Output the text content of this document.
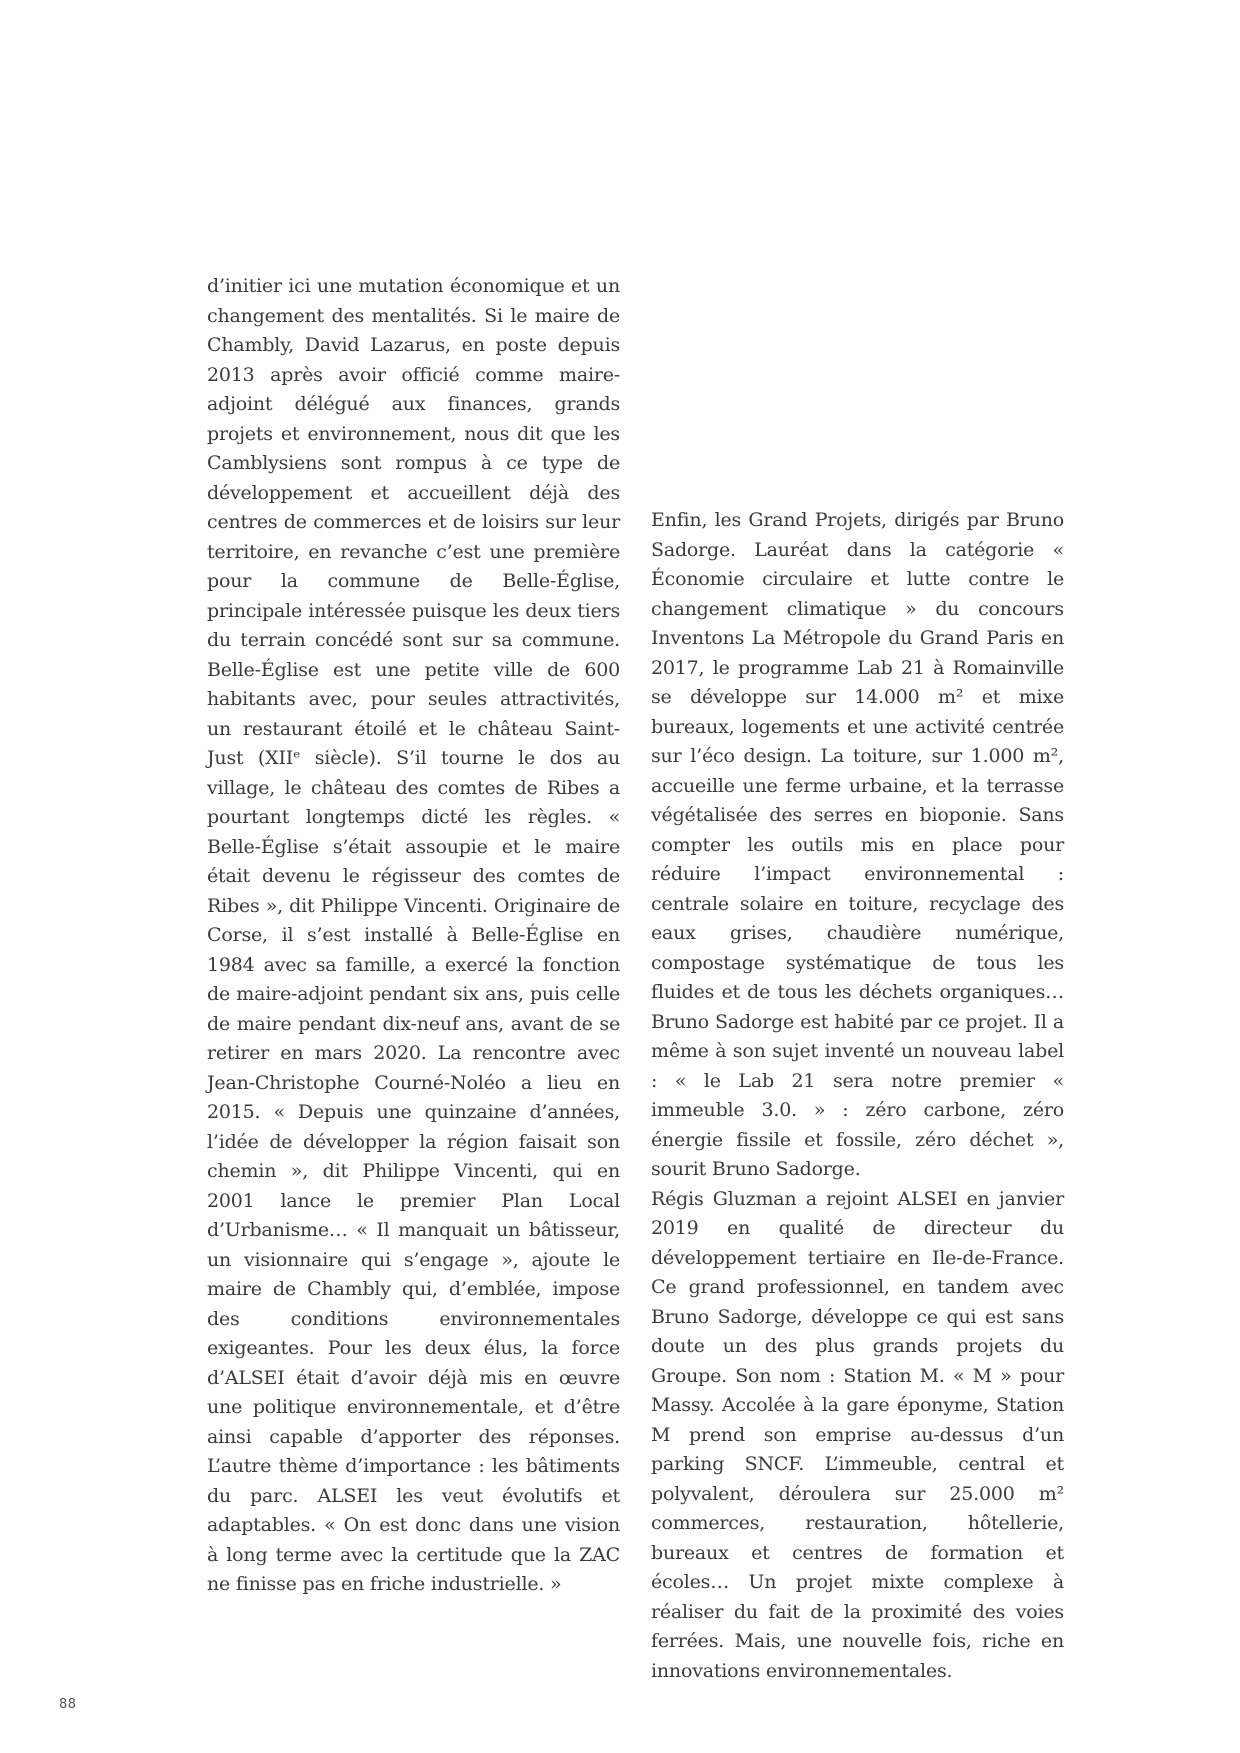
d’initier ici une mutation économique et un changement des mentalités. Si le maire de Chambly, David Lazarus, en poste depuis 2013 après avoir officié comme maire-adjoint délégué aux finances, grands projets et environnement, nous dit que les Camblysiens sont rompus à ce type de développement et accueillent déjà des centres de commerces et de loisirs sur leur territoire, en revanche c’est une première pour la commune de Belle-Église, principale intéressée puisque les deux tiers du terrain concédé sont sur sa commune. Belle-Église est une petite ville de 600 habitants avec, pour seules attractivités, un restaurant étoilé et le château Saint-Just (XIIᵉ siècle). S’il tourne le dos au village, le château des comtes de Ribes a pourtant longtemps dicté les règles. « Belle-Église s’était assoupie et le maire était devenu le régisseur des comtes de Ribes », dit Philippe Vincenti. Originaire de Corse, il s’est installé à Belle-Église en 1984 avec sa famille, a exercé la fonction de maire-adjoint pendant six ans, puis celle de maire pendant dix-neuf ans, avant de se retirer en mars 2020. La rencontre avec Jean-Christophe Courné-Noléo a lieu en 2015. « Depuis une quinzaine d’années, l’idée de développer la région faisait son chemin », dit Philippe Vincenti, qui en 2001 lance le premier Plan Local d’Urbanisme… « Il manquait un bâtisseur, un visionnaire qui s’engage », ajoute le maire de Chambly qui, d’emblée, impose des conditions environnementales exigeantes. Pour les deux élus, la force d’ALSEI était d’avoir déjà mis en œuvre une politique environnementale, et d’être ainsi capable d’apporter des réponses. L’autre thème d’importance : les bâtiments du parc. ALSEI les veut évolutifs et adaptables. « On est donc dans une vision à long terme avec la certitude que la ZAC ne finisse pas en friche industrielle. »

Enfin, les Grand Projets, dirigés par Bruno Sadorge. Lauréat dans la catégorie « Économie circulaire et lutte contre le changement climatique » du concours Inventons La Métropole du Grand Paris en 2017, le programme Lab 21 à Romainville se développe sur 14.000 m² et mixe bureaux, logements et une activité centrée sur l’éco design. La toiture, sur 1.000 m², accueille une ferme urbaine, et la terrasse végétalisée des serres en bioponie. Sans compter les outils mis en place pour réduire l’impact environnemental : centrale solaire en toiture, recyclage des eaux grises, chaudière numérique, compostage systématique de tous les fluides et de tous les déchets organiques… Bruno Sadorge est habité par ce projet. Il a même à son sujet inventé un nouveau label : « le Lab 21 sera notre premier « immeuble 3.0. » : zéro carbone, zéro énergie fissile et fossile, zéro déchet », sourit Bruno Sadorge.

Régis Gluzman a rejoint ALSEI en janvier 2019 en qualité de directeur du développement tertiaire en Ile-de-France. Ce grand professionnel, en tandem avec Bruno Sadorge, développe ce qui est sans doute un des plus grands projets du Groupe. Son nom : Station M. « M » pour Massy. Accolée à la gare éponyme, Station M prend son emprise au-dessus d’un parking SNCF. L’immeuble, central et polyvalent, déroulera sur 25.000 m² commerces, restauration, hôtellerie, bureaux et centres de formation et écoles… Un projet mixte complexe à réaliser du fait de la proximité des voies ferrées. Mais, une nouvelle fois, riche en innovations environnementales.

88
